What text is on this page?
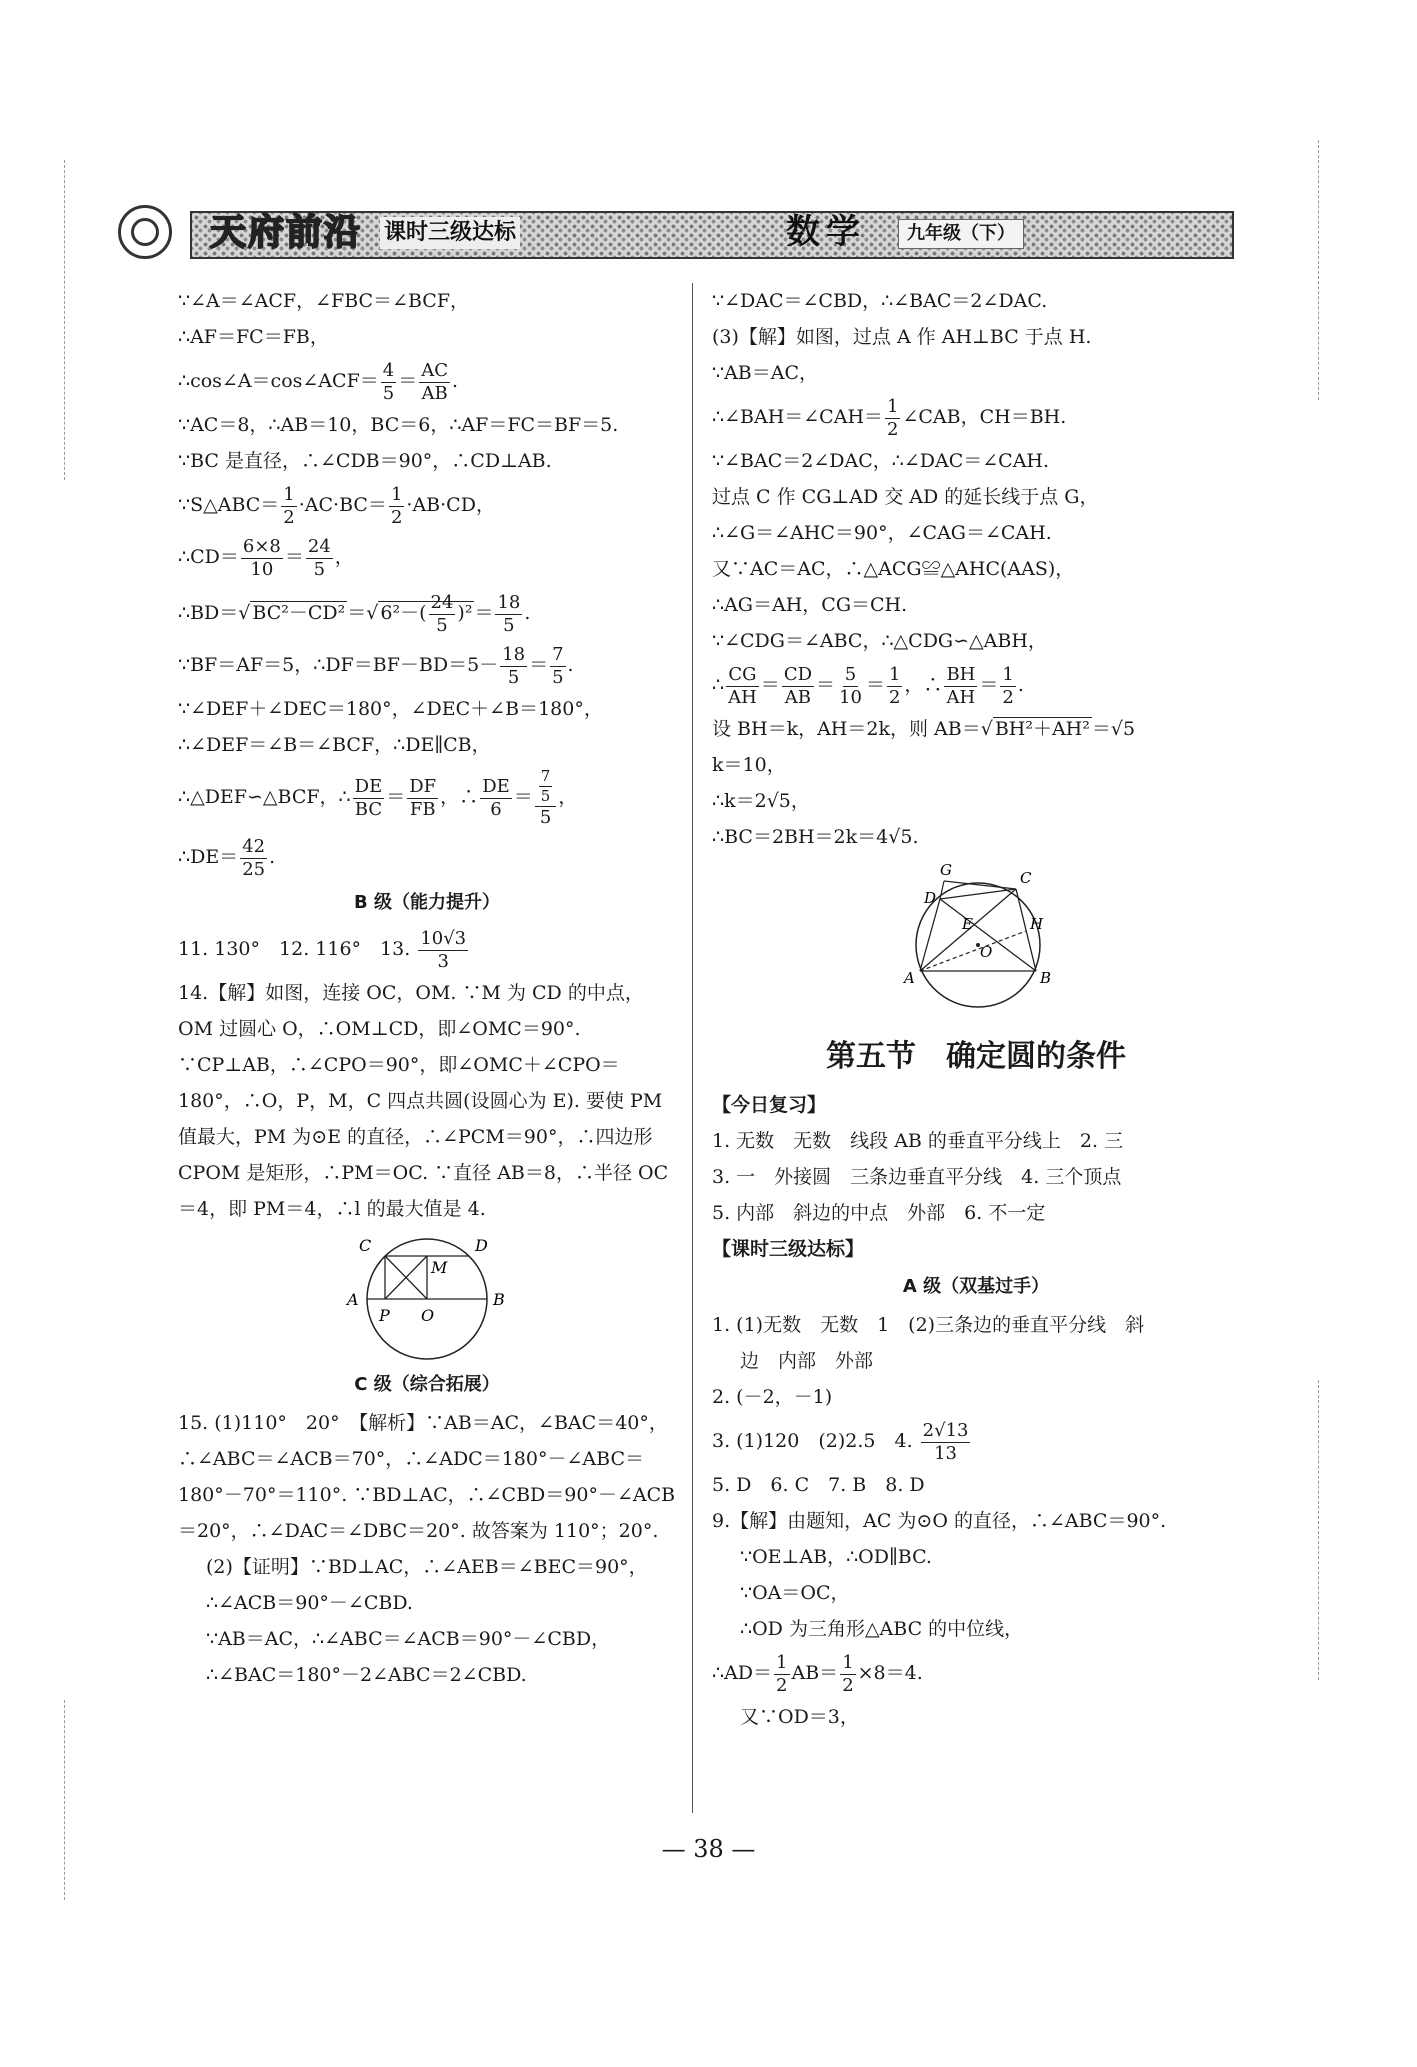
天府前沿 课时三级达标	数学	九年级（下）
∵∠A＝∠ACF，∠FBC＝∠BCF，
∴AF＝FC＝FB，
∴cos∠A＝cos∠ACF＝ $\frac{4}{5} = \frac{AC}{AB}$ .
∵AC＝8，∴AB＝10，BC＝6，∴AF＝FC＝BF＝5.
∵BC 是直径，∴∠CDB＝90°，∴CD⊥AB.
∵S△ABC＝ $\frac{1}{2} \cdot AC\cdot BC= \frac{1}{2} \cdot AB\cdot CD$，
∴CD＝ $\frac{6\times 8}{10} = \frac{24}{5}$ ，
∴BD＝√ BC²－CD² ＝√ $6^2-( \frac{24}{5} )^2 = \frac{18}{5}$ .
∵BF＝AF＝5，∴DF＝BF－BD＝5－ $\frac{18}{5} = \frac{7}{5}$ .
∵∠DEF＋∠DEC＝180°，∠DEC＋∠B＝180°，
∴∠DEF＝∠B＝∠BCF，∴DE∥CB，
∴△DEF∽△BCF，∴ $\frac{DE}{BC} = \frac{DF}{FB}$ ，∴ $\frac{DE}{6} = \frac{\frac{7}{5}}{5}$ ，
∴DE＝ $\frac{42}{25}$ .
B 级（能力提升）
11. 130°　12. 116°　13. $\frac{10√3}{3}$
14.【解】如图，连接 OC，OM. ∵M 为 CD 的中点，OM 过圆心 O，∴OM⊥CD，即∠OMC＝90°. ∵CP⊥AB，∴∠CPO＝90°，即∠OMC＋∠CPO＝180°，∴O，P，M，C 四点共圆(设圆心为 E). 要使 PM 值最大，PM 为⊙E 的直径，∴∠PCM＝90°，∴四边形 CPOM 是矩形，∴PM＝OC. ∵直径 AB＝8，∴半径 OC＝4，即 PM＝4，∴l 的最大值是 4.
C	D
M
A
P O
B
C 级（综合拓展）
15. (1)110°　20°　【解析】∵AB＝AC，∠BAC＝40°，∴∠ABC＝∠ACB＝70°，∴∠ADC＝180°－∠ABC＝180°－70°＝110°. ∵BD⊥AC，∴∠CBD＝90°－∠ACB＝20°，∴∠DAC＝∠DBC＝20°. 故答案为 110°；20°.
(2)【证明】∵BD⊥AC，∴∠AEB＝∠BEC＝90°，
∴∠ACB＝90°－∠CBD.
∵AB＝AC，∴∠ABC＝∠ACB＝90°－∠CBD，
∴∠BAC＝180°－2∠ABC＝2∠CBD.
∵∠DAC＝∠CBD，∴∠BAC＝2∠DAC.
(3)【解】如图，过点 A 作 AH⊥BC 于点 H.
∵AB＝AC，
∴∠BAH＝∠CAH＝ $\frac{1}{2}$ ∠CAB，CH＝BH.
∵∠BAC＝2∠DAC，∴∠DAC＝∠CAH.
过点 C 作 CG⊥AD 交 AD 的延长线于点 G，
∴∠G＝∠AHC＝90°，∠CAG＝∠CAH.
又∵AC＝AC，∴△ACG≌△AHC(AAS)，
∴AG＝AH，CG＝CH.
∵∠CDG＝∠ABC，∴△CDG∽△ABH，
∴ $\frac{CG}{AH} = \frac{CD}{AB} = \frac{5}{10} = \frac{1}{2}$ ，∴ $\frac{BH}{AH} = \frac{1}{2}$ .
设 BH＝k，AH＝2k，则 AB＝√ BH²＋AH² ＝√5
k＝10，
∴k＝2√5，
∴BC＝2BH＝2k＝4√5.
G	C
D
E	H
O
A	B
第五节　确定圆的条件
【今日复习】
1. 无数　无数　线段 AB 的垂直平分线上　2. 三
3. 一　外接圆　三条边垂直平分线　4. 三个顶点
5. 内部　斜边的中点　外部　6. 不一定
【课时三级达标】
A 级（双基过手）
1. (1)无数　无数　1　(2)三条边的垂直平分线　斜
边　内部　外部
2. (－2，－1)
3. (1)120　(2)2.5　4. $\frac{2√13}{13}$
5. D　6. C　7. B　8. D
9.【解】由题知，AC 为⊙O 的直径，∴∠ABC＝90°.
∵OE⊥AB，∴OD∥BC.
∵OA＝OC，
∴OD 为三角形△ABC 的中位线，
∴AD＝ $\frac{1}{2} AB= \frac{1}{2} \times 8=4$.
又∵OD＝3，
— 38 —
